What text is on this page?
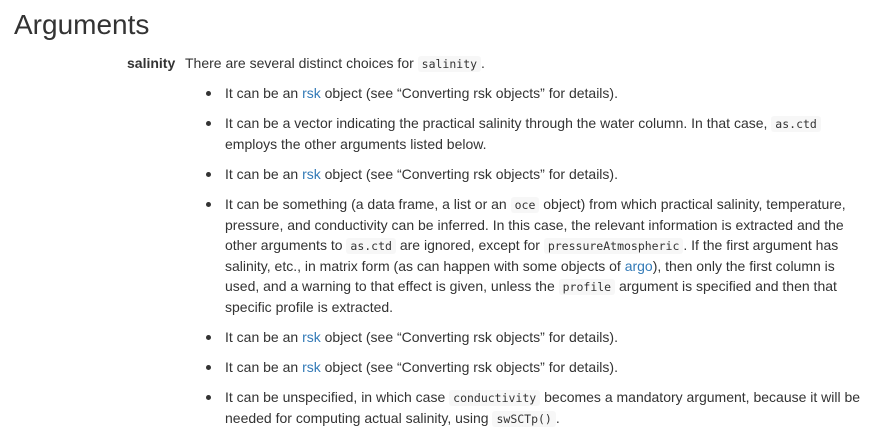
Arguments
salinity There are several distinct choices for salinity .
It can be an rsk object (see “Converting rsk objects” for details).
It can be a vector indicating the practical salinity through the water column. In that case, as.ctd employs the other arguments listed below.
It can be an rsk object (see “Converting rsk objects” for details).
It can be something (a data frame, a list or an oce object) from which practical salinity, temperature, pressure, and conductivity can be inferred. In this case, the relevant information is extracted and the other arguments to as.ctd are ignored, except for pressureAtmospheric . If the first argument has salinity, etc., in matrix form (as can happen with some objects of argo), then only the first column is used, and a warning to that effect is given, unless the profile argument is specified and then that specific profile is extracted.
It can be an rsk object (see “Converting rsk objects” for details).
It can be an rsk object (see “Converting rsk objects” for details).
It can be unspecified, in which case conductivity becomes a mandatory argument, because it will be needed for computing actual salinity, using swSCTp() .
